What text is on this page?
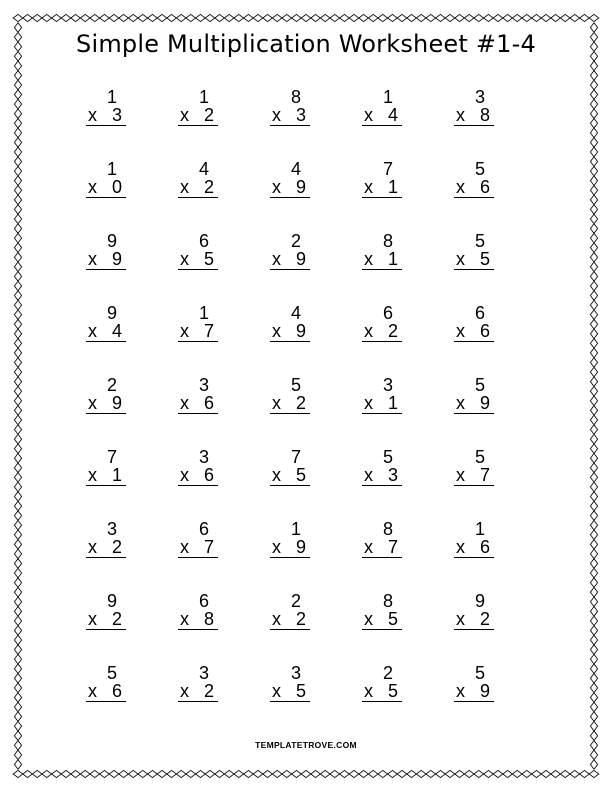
Simple Multiplication Worksheet #1-4
1
x 3
1
x 2
8
x 3
1
x 4
3
x 8
1
x 0
4
x 2
4
x 9
7
x 1
5
x 6
9
x 9
6
x 5
2
x 9
8
x 1
5
x 5
9
x 4
1
x 7
4
x 9
6
x 2
6
x 6
2
x 9
3
x 6
5
x 2
3
x 1
5
x 9
7
x 1
3
x 6
7
x 5
5
x 3
5
x 7
3
x 2
6
x 7
1
x 9
8
x 7
1
x 6
9
x 2
6
x 8
2
x 2
8
x 5
9
x 2
5
x 6
3
x 2
3
x 5
2
x 5
5
x 9
TEMPLATETROVE.COM
